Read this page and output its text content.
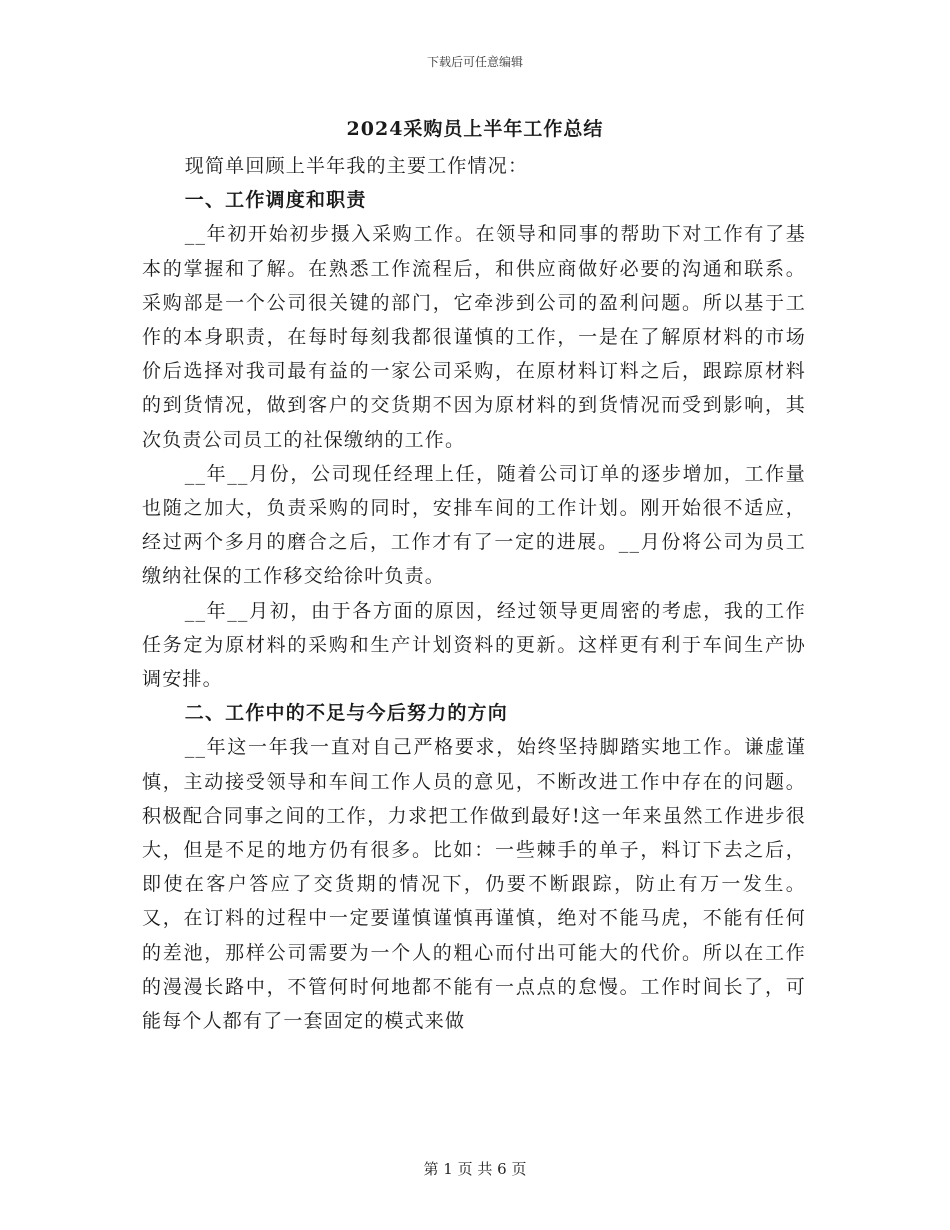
下载后可任意编辑
2024采购员上半年工作总结

现简单回顾上半年我的主要工作情况：

一、工作调度和职责

__年初开始初步摄入采购工作。在领导和同事的帮助下对工作有了基本的掌握和了解。在熟悉工作流程后，和供应商做好必要的沟通和联系。采购部是一个公司很关键的部门，它牵涉到公司的盈利问题。所以基于工作的本身职责，在每时每刻我都很谨慎的工作，一是在了解原材料的市场价后选择对我司最有益的一家公司采购，在原材料订料之后，跟踪原材料的到货情况，做到客户的交货期不因为原材料的到货情况而受到影响，其次负责公司员工的社保缴纳的工作。

__年__月份，公司现任经理上任，随着公司订单的逐步增加，工作量也随之加大，负责采购的同时，安排车间的工作计划。刚开始很不适应，经过两个多月的磨合之后，工作才有了一定的进展。__月份将公司为员工缴纳社保的工作移交给徐叶负责。

__年__月初，由于各方面的原因，经过领导更周密的考虑，我的工作任务定为原材料的采购和生产计划资料的更新。这样更有利于车间生产协调安排。

二、工作中的不足与今后努力的方向

__年这一年我一直对自己严格要求，始终坚持脚踏实地工作。谦虚谨慎，主动接受领导和车间工作人员的意见，不断改进工作中存在的问题。积极配合同事之间的工作，力求把工作做到最好!这一年来虽然工作进步很大，但是不足的地方仍有很多。比如：一些棘手的单子，料订下去之后，即使在客户答应了交货期的情况下，仍要不断跟踪，防止有万一发生。又，在订料的过程中一定要谨慎谨慎再谨慎，绝对不能马虎，不能有任何的差池，那样公司需要为一个人的粗心而付出可能大的代价。所以在工作的漫漫长路中，不管何时何地都不能有一点点的怠慢。工作时间长了，可能每个人都有了一套固定的模式来做

第 1 页 共 6 页
